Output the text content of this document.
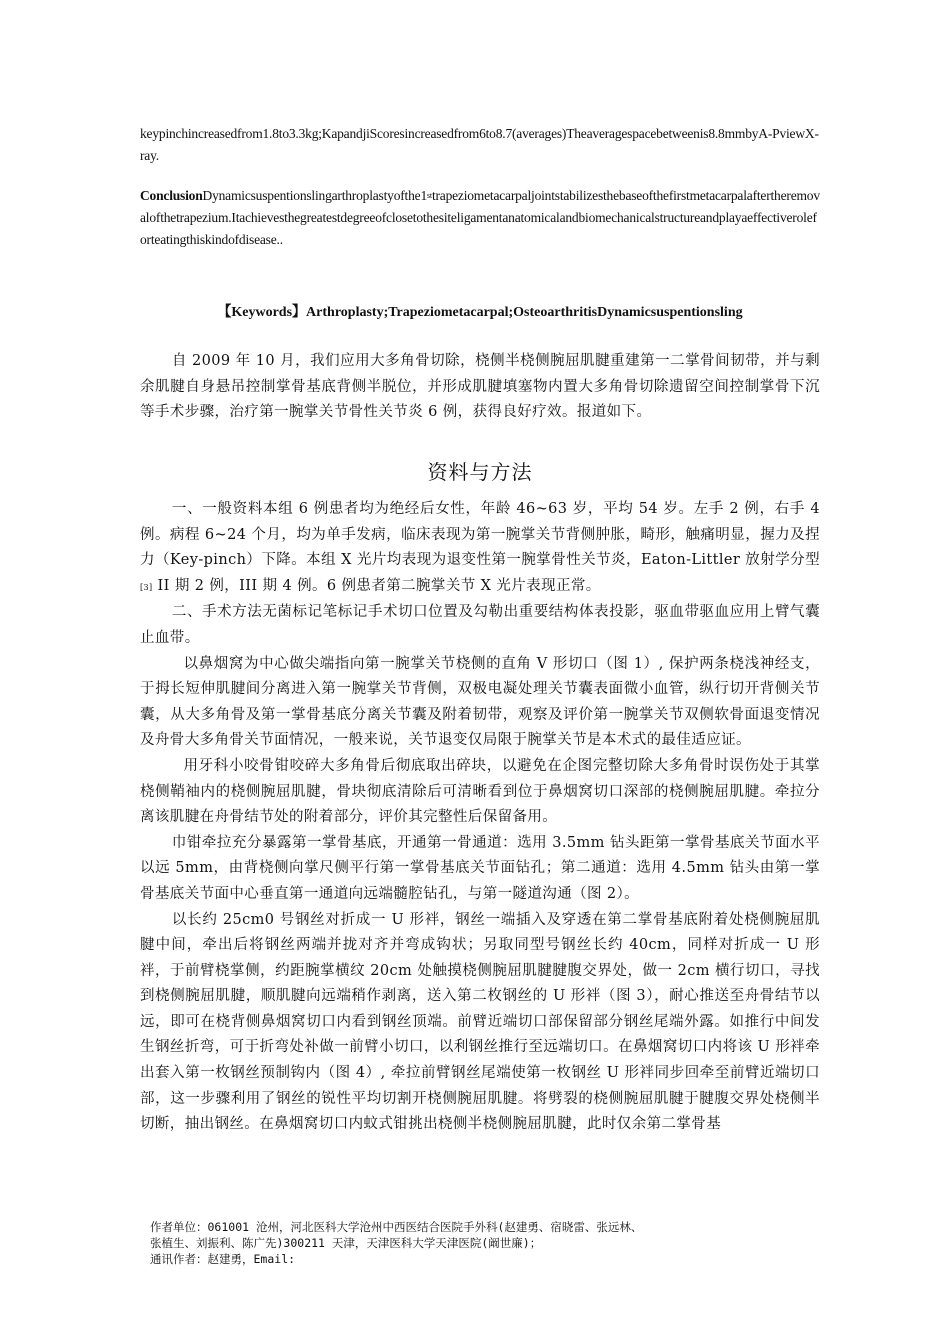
keypinchincreasedfrom1.8to3.3kg;KapandjiScoresincreasedfrom6to8.7(averages)Theaveragespacebetweenis8.8mmbyA-PviewX-ray.
ConclusionDynamicsuspentionslingarthroplastyofthe1sttrapeziometacarpaljointstabilizesthebaseofthefirstmetacarpalaftertheremovalofthetrapezium.Itachievesthegreatestdegreeofclosetothesiteligamentanatomicalandbiomechanicalstructureandplayaeffectiveroleforteatingthiskindofdisease..
【Keywords】Arthroplasty;Trapeziometacarpal;OsteoarthritisDynamicsuspentionsling

自 2009 年 10 月，我们应用大多角骨切除，桡侧半桡侧腕屈肌腱重建第一二掌骨间韧带，并与剩余肌腱自身悬吊控制掌骨基底背侧半脱位，并形成肌腱填塞物内置大多角骨切除遗留空间控制掌骨下沉等手术步骤，治疗第一腕掌关节骨性关节炎 6 例，获得良好疗效。报道如下。

资料与方法

一、一般资料本组 6 例患者均为绝经后女性，年龄 46~63 岁，平均 54 岁。左手 2 例，右手 4 例。病程 6~24 个月，均为单手发病，临床表现为第一腕掌关节背侧肿胀，畸形，触痛明显，握力及捏力（Key-pinch）下降。本组 X 光片均表现为退变性第一腕掌骨性关节炎，Eaton-Littler 放射学分型[3] II 期 2 例，III 期 4 例。6 例患者第二腕掌关节 X 光片表现正常。

二、手术方法无菌标记笔标记手术切口位置及勾勒出重要结构体表投影，驱血带驱血应用上臂气囊止血带。

以鼻烟窝为中心做尖端指向第一腕掌关节桡侧的直角 V 形切口（图 1）, 保护两条桡浅神经支，于拇长短伸肌腱间分离进入第一腕掌关节背侧，双极电凝处理关节囊表面微小血管，纵行切开背侧关节囊，从大多角骨及第一掌骨基底分离关节囊及附着韧带，观察及评价第一腕掌关节双侧软骨面退变情况及舟骨大多角骨关节面情况，一般来说，关节退变仅局限于腕掌关节是本术式的最佳适应证。

用牙科小咬骨钳咬碎大多角骨后彻底取出碎块，以避免在企图完整切除大多角骨时误伤处于其掌桡侧鞘袖内的桡侧腕屈肌腱，骨块彻底清除后可清晰看到位于鼻烟窝切口深部的桡侧腕屈肌腱。牵拉分离该肌腱在舟骨结节处的附着部分，评价其完整性后保留备用。

巾钳牵拉充分暴露第一掌骨基底，开通第一骨通道：选用 3.5mm 钻头距第一掌骨基底关节面水平以远 5mm，由背桡侧向掌尺侧平行第一掌骨基底关节面钻孔；第二通道：选用 4.5mm 钻头由第一掌骨基底关节面中心垂直第一通道向远端髓腔钻孔，与第一隧道沟通（图 2）。

以长约 25cm0 号钢丝对折成一 U 形袢，钢丝一端插入及穿透在第二掌骨基底附着处桡侧腕屈肌腱中间，牵出后将钢丝两端并拢对齐并弯成钩状；另取同型号钢丝长约 40cm，同样对折成一 U 形袢，于前臂桡掌侧，约距腕掌横纹 20cm 处触摸桡侧腕屈肌腱腱腹交界处，做一 2cm 横行切口，寻找到桡侧腕屈肌腱，顺肌腱向远端稍作剥离，送入第二枚钢丝的 U 形袢（图 3），耐心推送至舟骨结节以远，即可在桡背侧鼻烟窝切口内看到钢丝顶端。前臂近端切口部保留部分钢丝尾端外露。如推行中间发生钢丝折弯，可于折弯处补做一前臂小切口，以利钢丝推行至远端切口。在鼻烟窝切口内将该 U 形袢牵出套入第一枚钢丝预制钩内（图 4）, 牵拉前臂钢丝尾端使第一枚钢丝 U 形袢同步回牵至前臂近端切口部，这一步骤利用了钢丝的锐性平均切割开桡侧腕屈肌腱。将劈裂的桡侧腕屈肌腱于腱腹交界处桡侧半切断，抽出钢丝。在鼻烟窝切口内蚊式钳挑出桡侧半桡侧腕屈肌腱，此时仅余第二掌骨基

作者单位：061001 沧州，河北医科大学沧州中西医结合医院手外科(赵建勇、宿晓雷、张远林、
张植生、刘振利、陈广先)300211 天津，天津医科大学天津医院(阚世廉)；
通讯作者：赵建勇，Email:
